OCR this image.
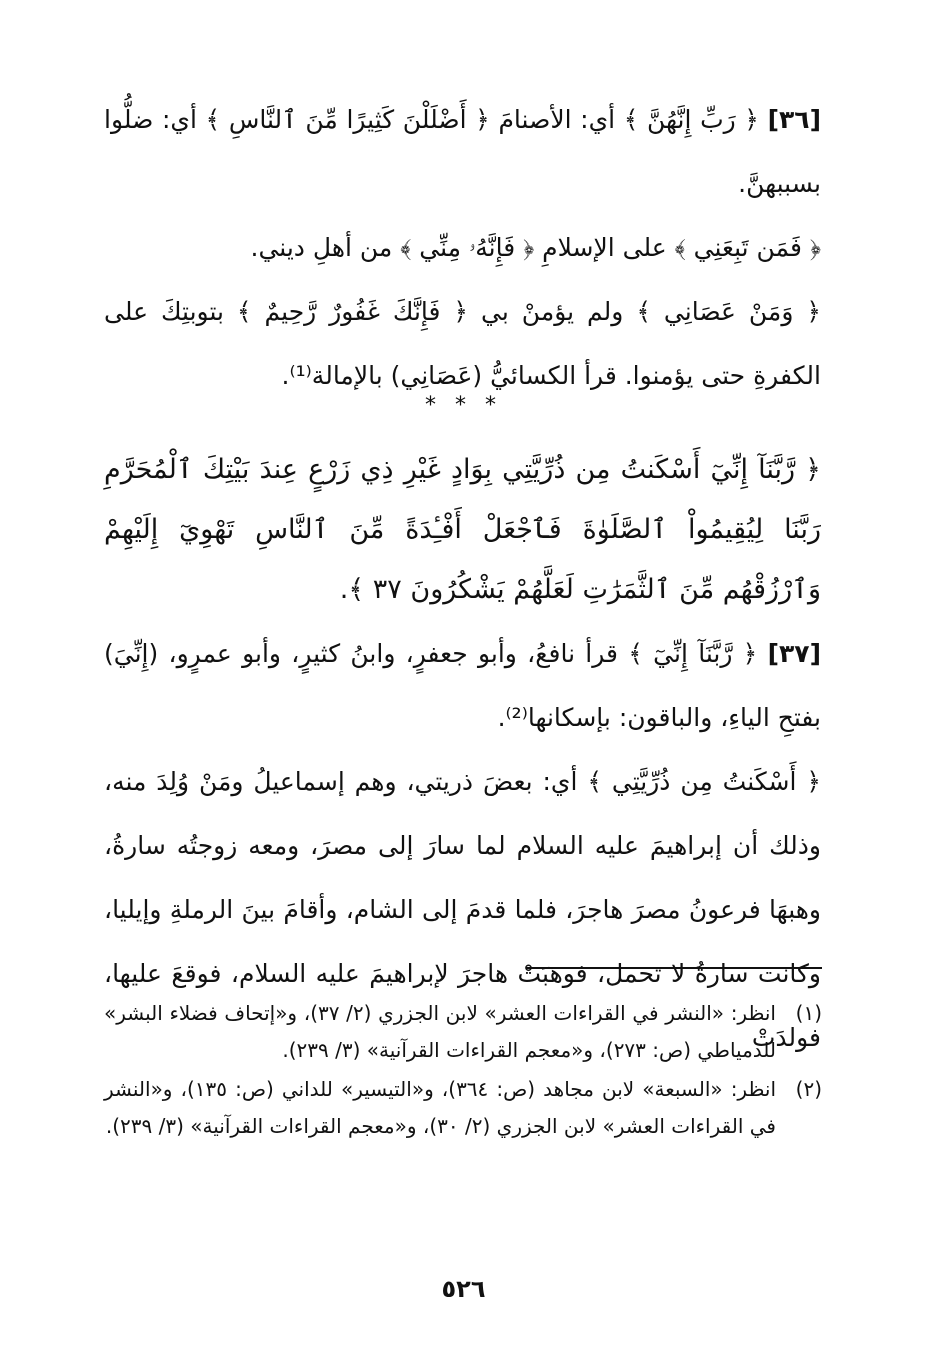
[٣٦] ﴿ رَبِّ إِنَّهُنَّ ﴾ أي: الأصنامَ ﴿ أَضْلَلْنَ كَثِيرًا مِّنَ ٱلنَّاسِ ﴾ أي: ضلُّوا بسببهنَّ.

﴿ فَمَن تَبِعَنِي ﴾ على الإسلامِ ﴿ فَإِنَّهُۥ مِنِّي ﴾ من أهلِ ديني.

﴿ وَمَنْ عَصَانِي ﴾ ولم يؤمنْ بي ﴿ فَإِنَّكَ غَفُورٌ رَّحِيمٌ ﴾ بتوبتِكَ على الكفرةِ حتى يؤمنوا. قرأ الكسائيُّ (عَصَانِي) بالإمالة⁽¹⁾.

* * *

﴿ رَّبَّنَآ إِنِّيٓ أَسْكَنتُ مِن ذُرِّيَّتِي بِوَادٍ غَيْرِ ذِي زَرْعٍ عِندَ بَيْتِكَ ٱلْمُحَرَّمِ رَبَّنَا لِيُقِيمُواْ ٱلصَّلَوٰةَ فَٱجْعَلْ أَفْـِٔدَةً مِّنَ ٱلنَّاسِ تَهْوِيٓ إِلَيْهِمْ وَٱرْزُقْهُم مِّنَ ٱلثَّمَرَٰتِ لَعَلَّهُمْ يَشْكُرُونَ ٣٧ ﴾.

[٣٧] ﴿ رَّبَّنَآ إِنِّيٓ ﴾ قرأ نافعُ، وأبو جعفرٍ، وابنُ كثيرٍ، وأبو عمرٍو، (إِنِّيَ) بفتحِ الياءِ، والباقون: بإسكانها⁽²⁾.

﴿ أَسْكَنتُ مِن ذُرِّيَّتِي ﴾ أي: بعضَ ذريتي، وهم إسماعيلُ ومَنْ وُلِدَ منه، وذلك أن إبراهيمَ عليه السلام لما سارَ إلى مصرَ، ومعه زوجتُه سارةُ، وهبهَا فرعونُ مصرَ هاجرَ، فلما قدمَ إلى الشام، وأقامَ بينَ الرملةِ وإيليا، وكانت سارةُ لا تحمل، فوهبَتْ هاجرَ لإبراهيمَ عليه السلام، فوقعَ عليها، فولدَتْ

(١)
انظر: «النشر في القراءات العشر» لابن الجزري (٢/ ٣٧)، و«إتحاف فضلاء البشر» للدمياطي (ص: ٢٧٣)، و«معجم القراءات القرآنية» (٣/ ٢٣٩).
(٢)
انظر: «السبعة» لابن مجاهد (ص: ٣٦٤)، و«التيسير» للداني (ص: ١٣٥)، و«النشر في القراءات العشر» لابن الجزري (٢/ ٣٠)، و«معجم القراءات القرآنية» (٣/ ٢٣٩).
٥٢٦
